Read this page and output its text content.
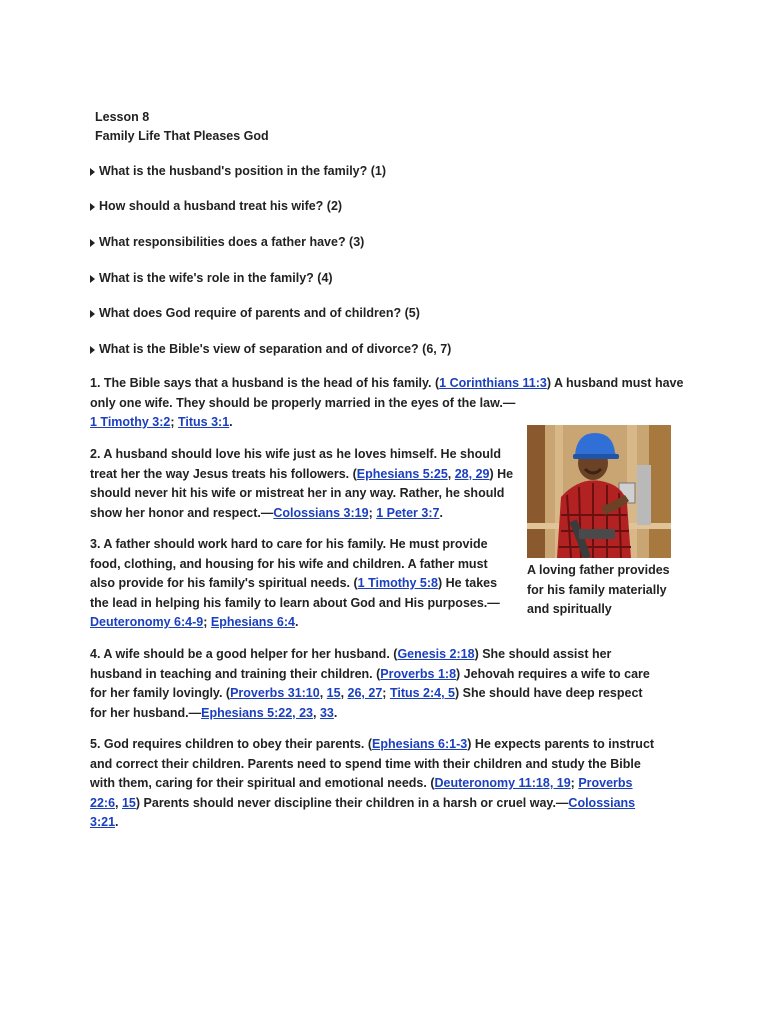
Lesson 8
Family Life That Pleases God
What is the husband's position in the family? (1)
How should a husband treat his wife? (2)
What responsibilities does a father have? (3)
What is the wife's role in the family? (4)
What does God require of parents and of children? (5)
What is the Bible's view of separation and of divorce? (6, 7)
1. The Bible says that a husband is the head of his family. (1 Corinthians 11:3) A husband must have only one wife. They should be properly married in the eyes of the law.—
1 Timothy 3:2; Titus 3:1.
2. A husband should love his wife just as he loves himself. He should treat her the way Jesus treats his followers. (Ephesians 5:25, 28, 29) He should never hit his wife or mistreat her in any way. Rather, he should show her honor and respect.—Colossians 3:19; 1 Peter 3:7.
3. A father should work hard to care for his family. He must provide food, clothing, and housing for his wife and children. A father must also provide for his family's spiritual needs. (1 Timothy 5:8) He takes the lead in helping his family to learn about God and His purposes.—Deuteronomy 6:4-9; Ephesians 6:4.
A loving father provides for his family materially and spiritually
4. A wife should be a good helper for her husband. (Genesis 2:18) She should assist her husband in teaching and training their children. (Proverbs 1:8) Jehovah requires a wife to care for her family lovingly. (Proverbs 31:10, 15, 26, 27; Titus 2:4, 5) She should have deep respect for her husband.—Ephesians 5:22, 23, 33.
5. God requires children to obey their parents. (Ephesians 6:1-3) He expects parents to instruct and correct their children. Parents need to spend time with their children and study the Bible with them, caring for their spiritual and emotional needs. (Deuteronomy 11:18, 19; Proverbs 22:6, 15) Parents should never discipline their children in a harsh or cruel way.—Colossians 3:21.
